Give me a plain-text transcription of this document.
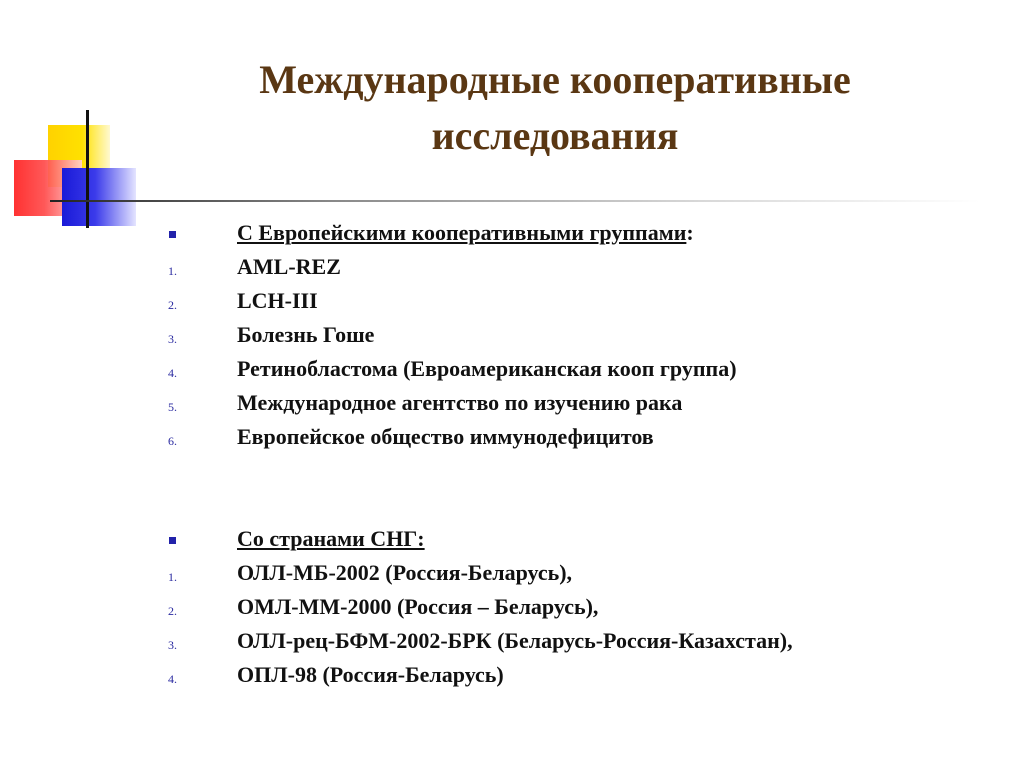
Международные кооперативные
исследования
С Европейскими кооперативными группами:
1.	AML-REZ
2.	LCH-III
3.	Болезнь Гоше
4.	Ретинобластома (Евроамериканская кооп группа)
5.	Международное агентство по изучению рака
6.	Европейское общество иммунодефицитов
Со странами СНГ:
1.	ОЛЛ-МБ-2002 (Россия-Беларусь),
2.	ОМЛ-ММ-2000 (Россия – Беларусь),
3.	ОЛЛ-рец-БФМ-2002-БРК (Беларусь-Россия-Казахстан),
4.	ОПЛ-98 (Россия-Беларусь)
